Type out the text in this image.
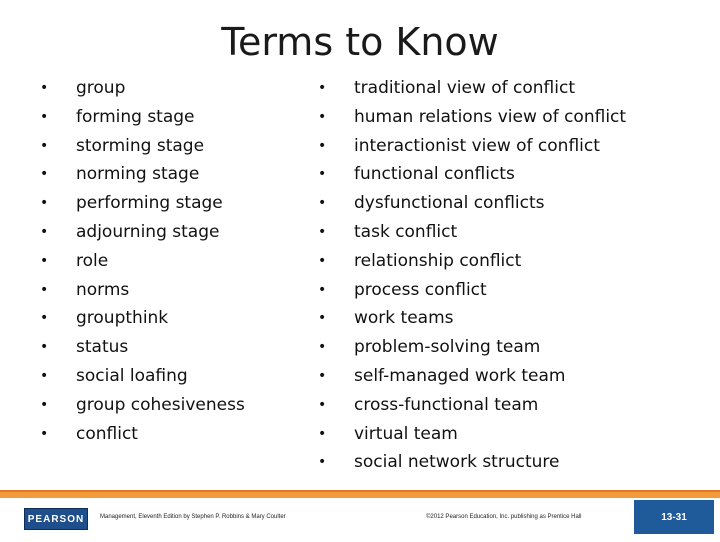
Terms to Know
•	group
•	forming stage
•	storming stage
•	norming stage
•	performing stage
•	adjourning stage
•	role
•	norms
•	groupthink
•	status
•	social loafing
•	group cohesiveness
•	conflict
•	traditional view of conflict
•	human relations view of conflict
•	interactionist view of conflict
•	functional conflicts
•	dysfunctional conflicts
•	task conflict
•	relationship conflict
•	process conflict
•	work teams
•	problem-solving team
•	self-managed work team
•	cross-functional team
•	virtual team
•	social network structure
PEARSON	Management, Eleventh Edition by Stephen P. Robbins & Mary Coulter	©2012 Pearson Education, Inc. publishing as Prentice Hall	13-31
